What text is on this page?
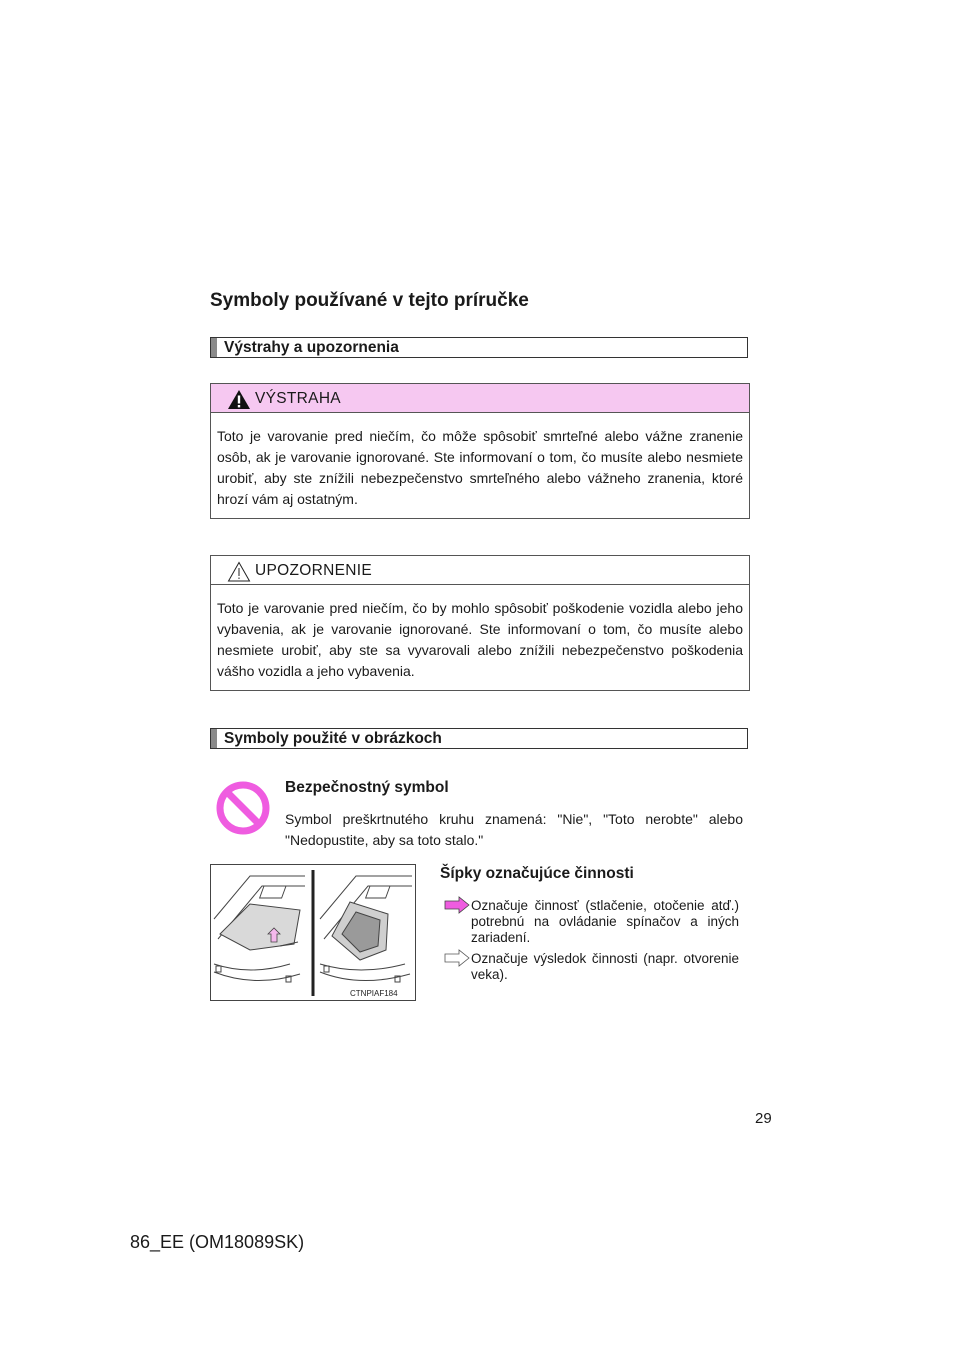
Symboly používané v tejto príručke
Výstrahy a upozornenia
VÝSTRAHA
Toto je varovanie pred niečím, čo môže spôsobiť smrteľné alebo vážne zranenie osôb, ak je varovanie ignorované. Ste informovaní o tom, čo musíte alebo nesmiete urobiť, aby ste znížili nebezpečenstvo smrteľného alebo vážneho zranenia, ktoré hrozí vám aj ostatným.
UPOZORNENIE
Toto je varovanie pred niečím, čo by mohlo spôsobiť poškodenie vozidla alebo jeho vybavenia, ak je varovanie ignorované. Ste informovaní o tom, čo musíte alebo nesmiete urobiť, aby ste sa vyvarovali alebo znížili nebezpečenstvo poškodenia vášho vozidla a jeho vybavenia.
Symboly použité v obrázkoch
Bezpečnostný symbol
Symbol preškrtnutého kruhu znamená: "Nie", "Toto nerobte" alebo "Nedopustite, aby sa toto stalo."
CTNPIAF184
Šípky označujúce činnosti
Označuje činnosť (stlačenie, otočenie atď.) potrebnú na ovládanie spínačov a iných zariadení.
Označuje výsledok činnosti (napr. otvorenie veka).
29
86_EE (OM18089SK)
